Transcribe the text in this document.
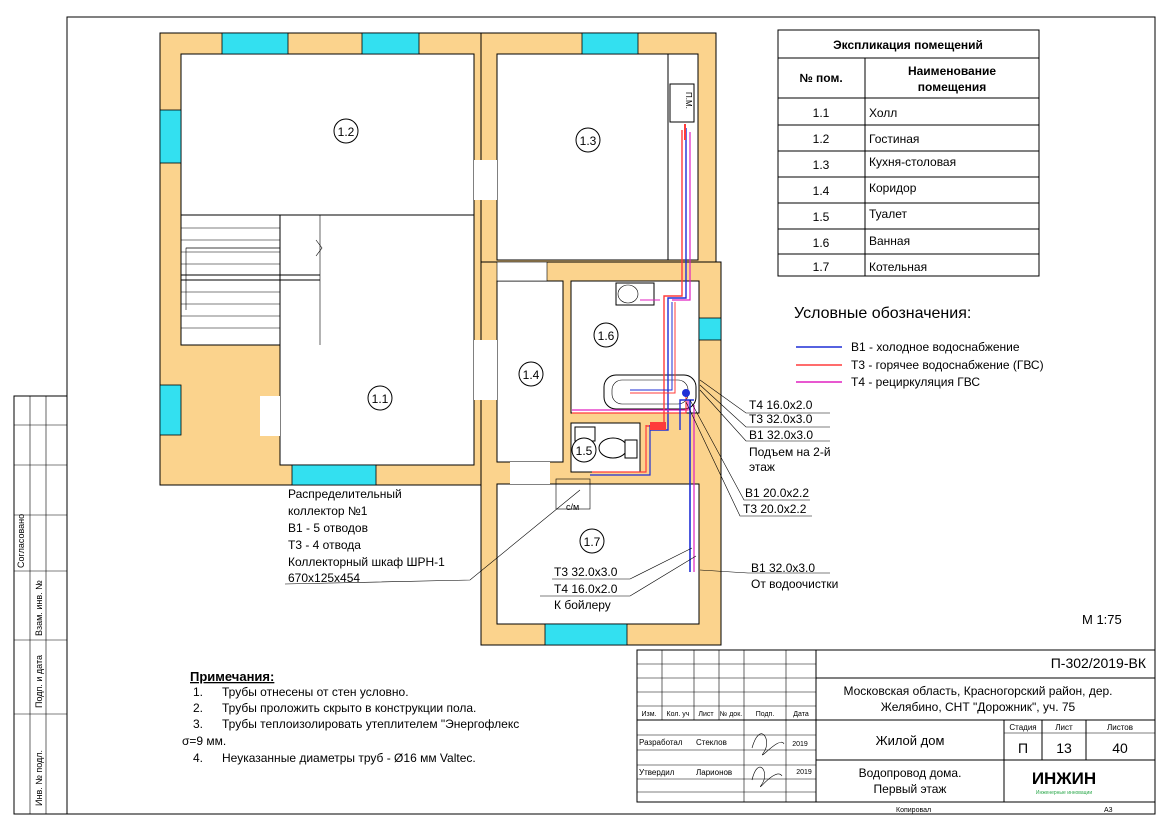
Согласовано
Взам. инв. №
Подп. и дата
Инв. № подл.
1.2
1.3
1.1
1.4
1.6
1.5
1.7
П.М.
с/м
Т4 16.0x2.0
Т3 32.0x3.0
В1 32.0x3.0
Подъем на 2-й
этаж
В1 20.0x2.2
Т3 20.0x2.2
Т3 32.0x3.0
Т4 16.0x2.0
К бойлеру
В1 32.0x3.0
От водоочистки
Распределительный
коллектор №1
В1 - 5 отводов
Т3 - 4 отвода
Коллекторный шкаф ШРН-1
670x125x454
Экспликация помещений
№ пом.	Наименование
помещения
1.1	Холл
1.2	Гостиная
1.3	Кухня-столовая
1.4	Коридор
1.5	Туалет
1.6	Ванная
1.7	Котельная
Условные обозначения:
В1 - холодное водоснабжение
Т3 - горячее водоснабжение (ГВС)
Т4 - рециркуляция ГВС
М 1:75
Примечания:
1. Трубы отнесены от стен условно.
2. Трубы проложить скрыто в конструкции пола.
3. Трубы теплоизолировать утеплителем "Энергофлекс
σ=9 мм.
4. Неуказанные диаметры труб - Ø16 мм Valtec.
Изм. Кол. уч Лист № док. Подп.	Дата
Разработал Стеклов	2019
Утвердил	Ларионов	2019
П-302/2019-ВК
Московская область, Красногорский район, дер.
Желябино, СНТ "Дорожник", уч. 75
Жилой дом
Стадия Лист	Листов
П 13	40
Водопровод дома.
Первый этаж
ИНЖИН
Инженерные инновации
Копировал	А3
